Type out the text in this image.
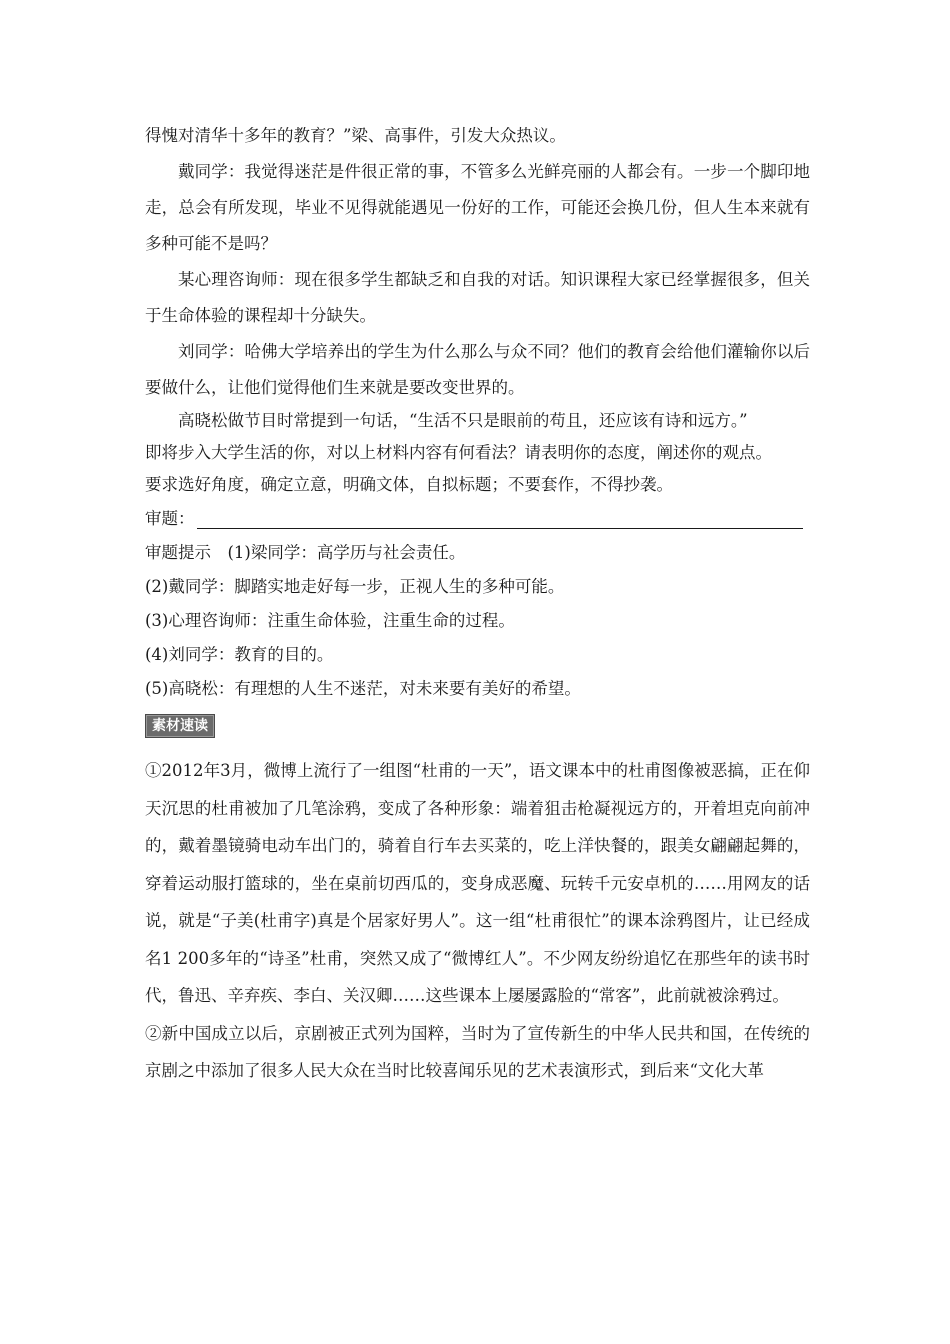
得愧对清华十多年的教育？”梁、高事件，引发大众热议。

戴同学：我觉得迷茫是件很正常的事，不管多么光鲜亮丽的人都会有。一步一个脚印地走，总会有所发现，毕业不见得就能遇见一份好的工作，可能还会换几份，但人生本来就有多种可能不是吗？

某心理咨询师：现在很多学生都缺乏和自我的对话。知识课程大家已经掌握很多，但关于生命体验的课程却十分缺失。

刘同学：哈佛大学培养出的学生为什么那么与众不同？他们的教育会给他们灌输你以后要做什么，让他们觉得他们生来就是要改变世界的。

高晓松做节目时常提到一句话，“生活不只是眼前的苟且，还应该有诗和远方。”

即将步入大学生活的你，对以上材料内容有何看法？请表明你的态度，阐述你的观点。

要求选好角度，确定立意，明确文体，自拟标题；不要套作，不得抄袭。

审题：

审题提示　(1)梁同学：高学历与社会责任。

(2)戴同学：脚踏实地走好每一步，正视人生的多种可能。

(3)心理咨询师：注重生命体验，注重生命的过程。

(4)刘同学：教育的目的。

(5)高晓松：有理想的人生不迷茫，对未来要有美好的希望。

素材速读

①2012年3月，微博上流行了一组图“杜甫的一天”，语文课本中的杜甫图像被恶搞，正在仰天沉思的杜甫被加了几笔涂鸦，变成了各种形象：端着狙击枪凝视远方的，开着坦克向前冲的，戴着墨镜骑电动车出门的，骑着自行车去买菜的，吃上洋快餐的，跟美女翩翩起舞的，穿着运动服打篮球的，坐在桌前切西瓜的，变身成恶魔、玩转千元安卓机的……用网友的话说，就是“子美(杜甫字)真是个居家好男人”。这一组“杜甫很忙”的课本涂鸦图片，让已经成名1 200多年的“诗圣”杜甫，突然又成了“微博红人”。不少网友纷纷追忆在那些年的读书时代，鲁迅、辛弃疾、李白、关汉卿……这些课本上屡屡露脸的“常客”，此前就被涂鸦过。

②新中国成立以后，京剧被正式列为国粹，当时为了宣传新生的中华人民共和国，在传统的京剧之中添加了很多人民大众在当时比较喜闻乐见的艺术表演形式，到后来“文化大革
